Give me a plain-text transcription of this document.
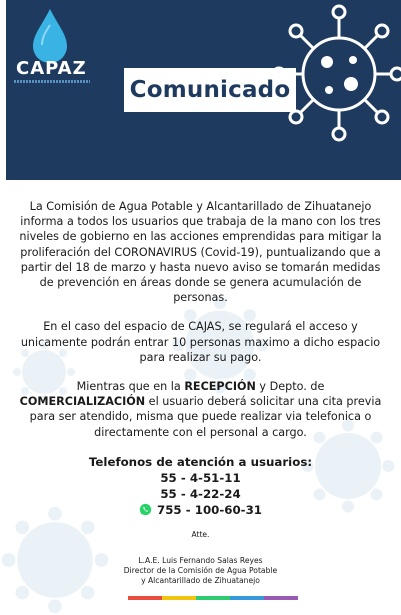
CAPAZ
Comunicado

La Comisión de Agua Potable y Alcantarillado de Zihuatanejo informa a todos los usuarios que trabaja de la mano con los tres niveles de gobierno en las acciones emprendidas para mitigar la proliferación del CORONAVIRUS (Covid-19), puntualizando que a partir del 18 de marzo y hasta nuevo aviso se tomarán medidas de prevención en áreas donde se genera acumulación de personas.

En el caso del espacio de CAJAS, se regulará el acceso y unicamente podrán entrar 10 personas maximo a dicho espacio para realizar su pago.

Mientras que en la RECEPCIÓN y Depto. de COMERCIALIZACIÓN el usuario deberá solicitar una cita previa para ser atendido, misma que puede realizar via telefonica o directamente con el personal a cargo.

Telefonos de atención a usuarios:
55 - 4-51-11
55 - 4-22-24
755 - 100-60-31
Atte.
L.A.E. Luis Fernando Salas Reyes
Director de la Comisión de Agua Potable
y Alcantarillado de Zihuatanejo
